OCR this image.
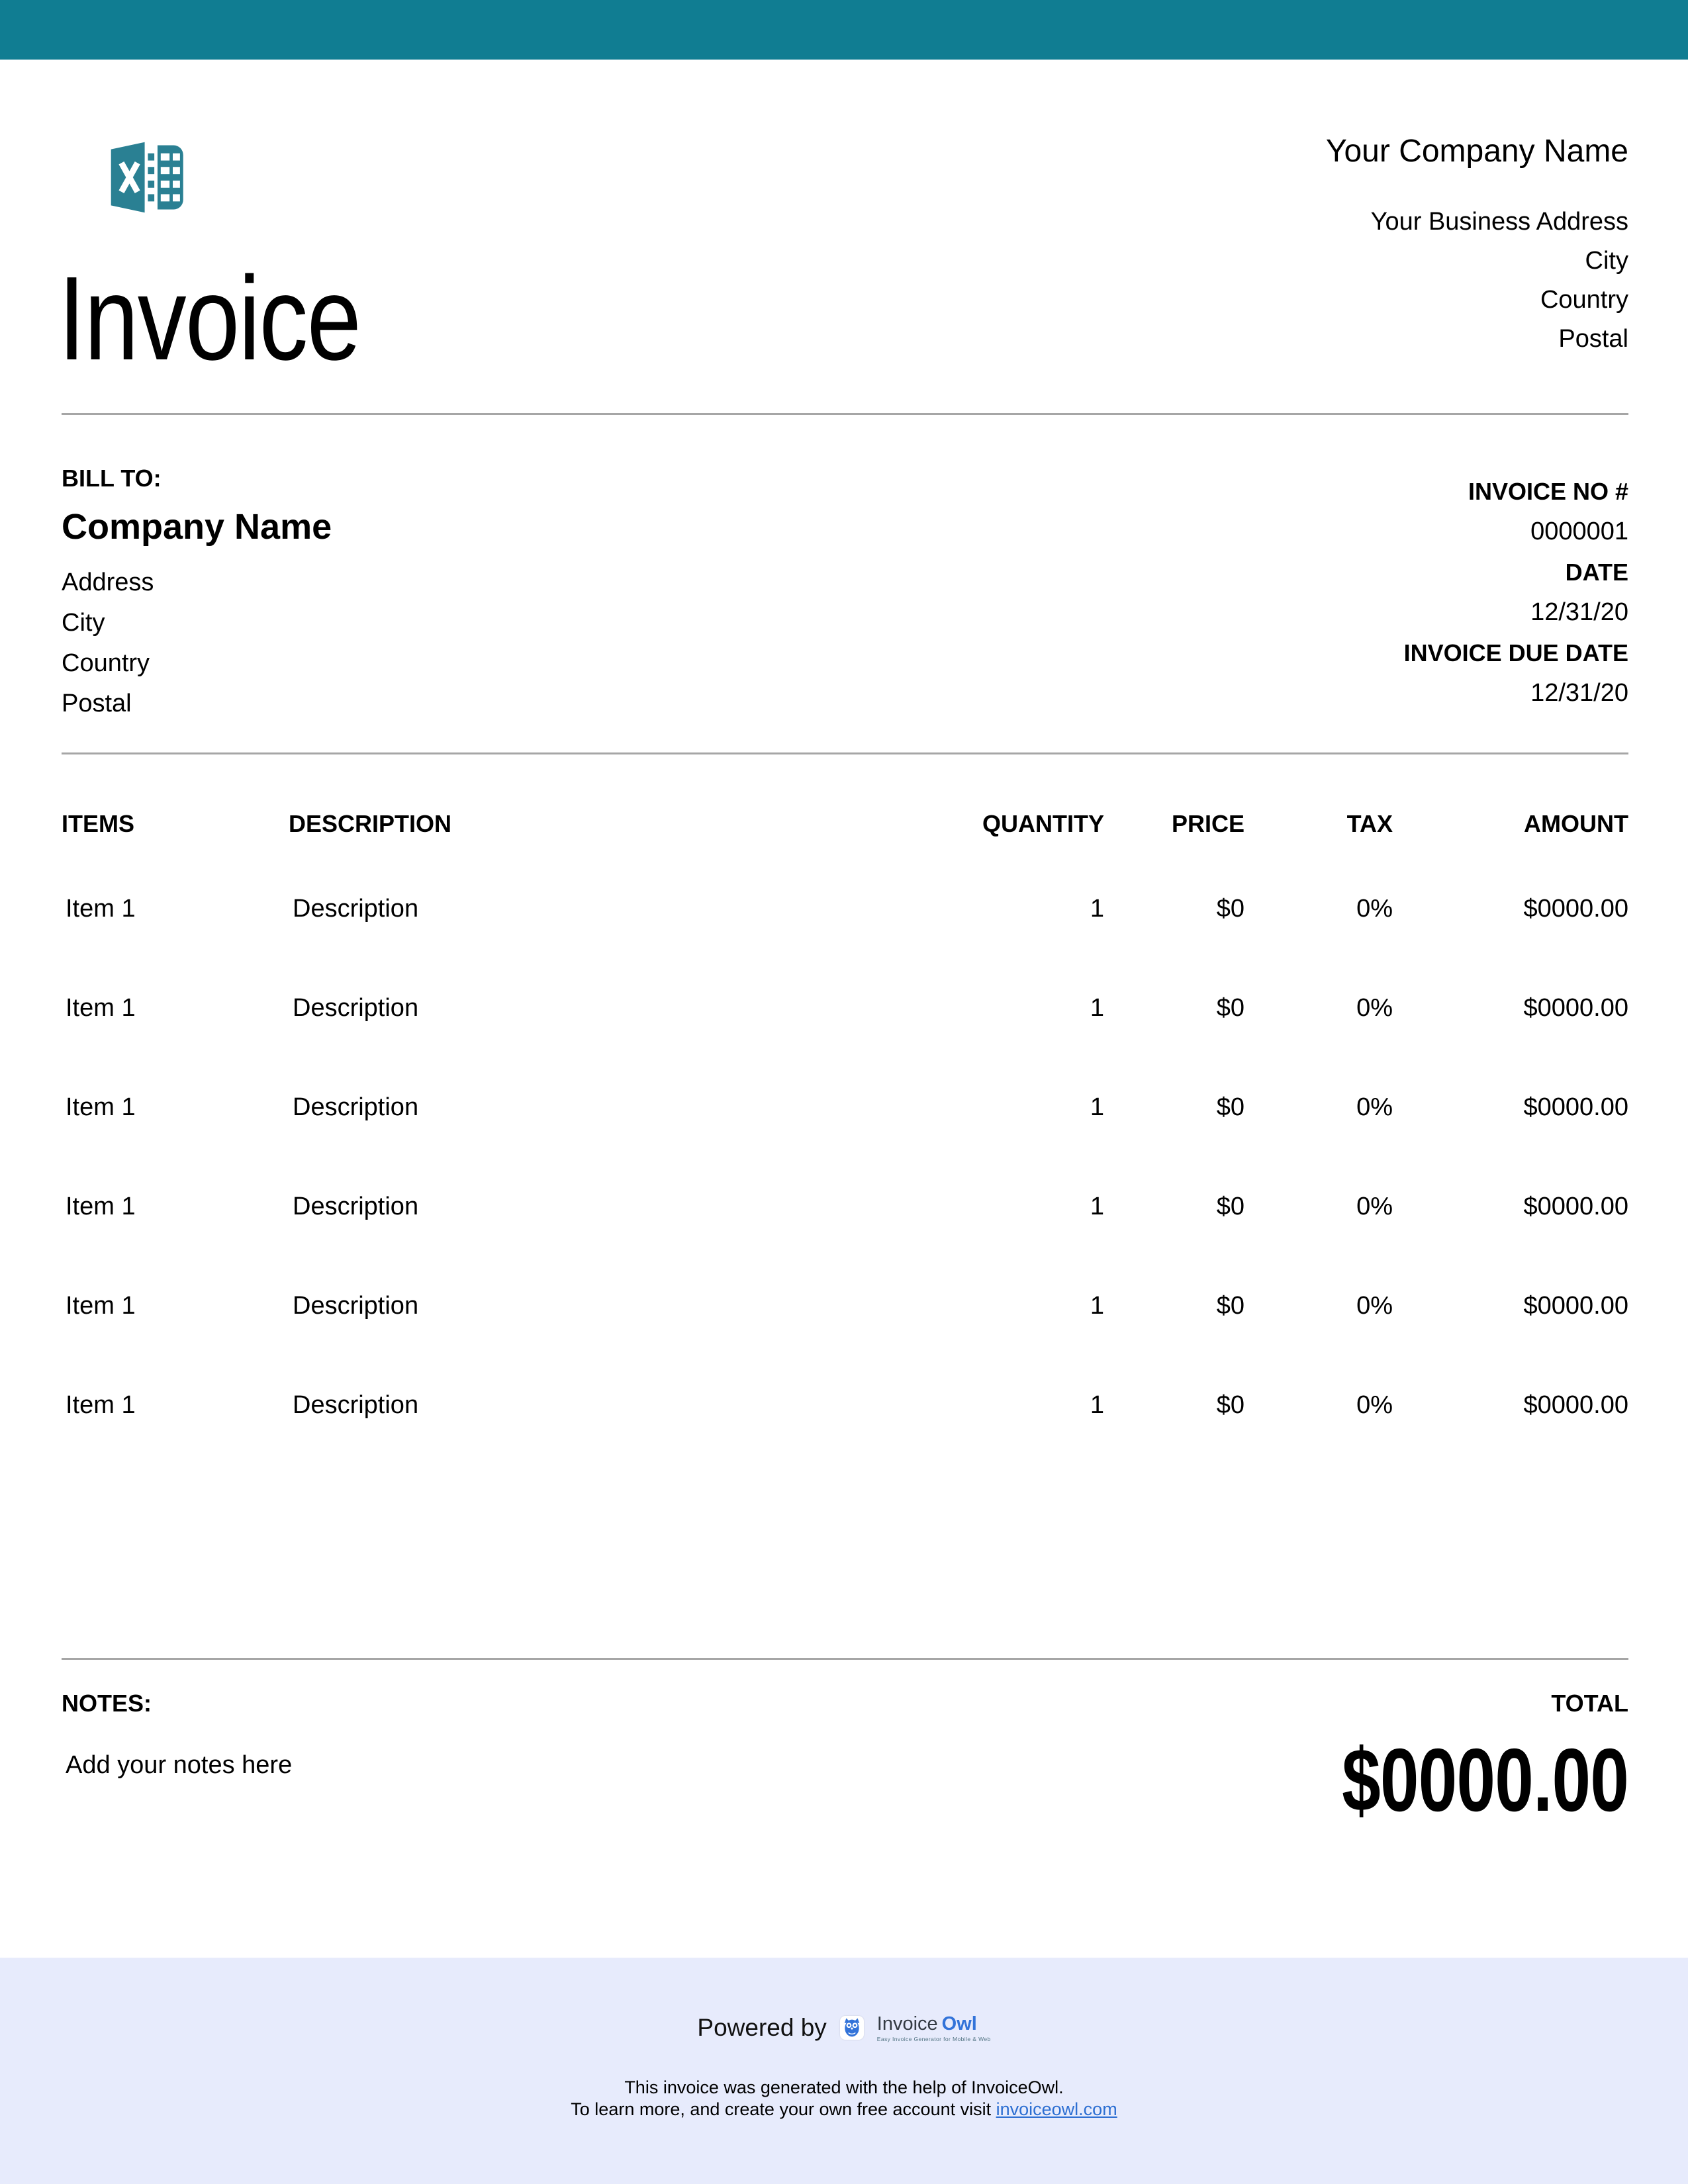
Invoice
Your Company Name
Your Business Address
City
Country
Postal
BILL TO:
Company Name
Address
City
Country
Postal
INVOICE NO #
0000001
DATE
12/31/20
INVOICE DUE DATE
12/31/20
ITEMS	DESCRIPTION	QUANTITY	PRICE	TAX	AMOUNT
Item 1	Description	1	$0	0%	$0000.00
Item 1	Description	1	$0	0%	$0000.00
Item 1	Description	1	$0	0%	$0000.00
Item 1	Description	1	$0	0%	$0000.00
Item 1	Description	1	$0	0%	$0000.00
Item 1	Description	1	$0	0%	$0000.00
NOTES:
Add your notes here
TOTAL
$0000.00
Powered by	Invoice Owl
Easy Invoice Generator for Mobile & Web
This invoice was generated with the help of InvoiceOwl.
To learn more, and create your own free account visit invoiceowl.com
